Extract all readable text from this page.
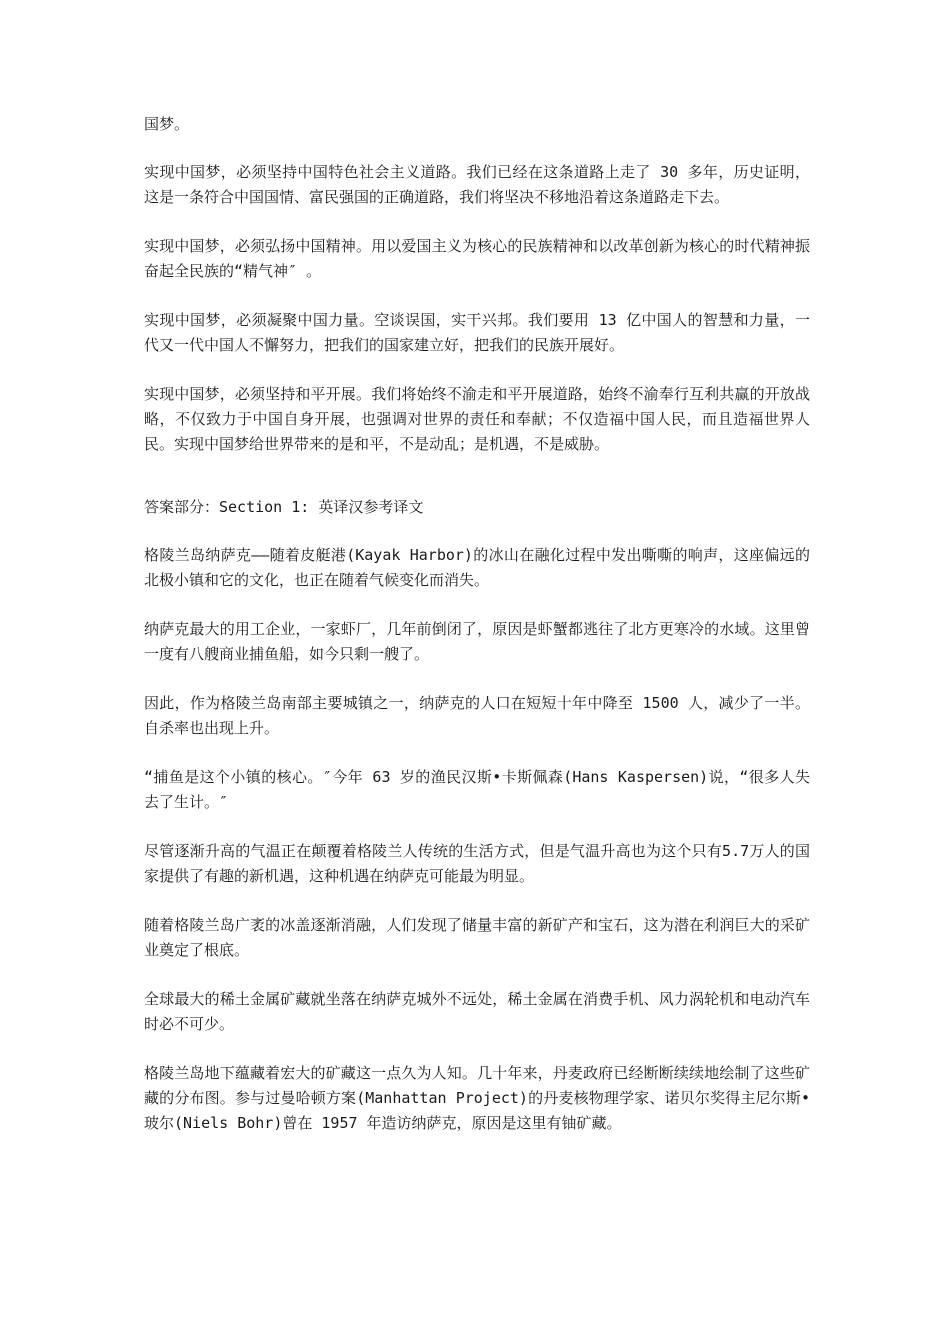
国梦。

实现中国梦，必须坚持中国特色社会主义道路。我们已经在这条道路上走了 30 多年，历史证明，这是一条符合中国国情、富民强国的正确道路，我们将坚决不移地沿着这条道路走下去。

实现中国梦，必须弘扬中国精神。用以爱国主义为核心的民族精神和以改革创新为核心的时代精神振奋起全民族的“精气神″ 。

实现中国梦，必须凝聚中国力量。空谈误国，实干兴邦。我们要用 13 亿中国人的智慧和力量，一代又一代中国人不懈努力，把我们的国家建立好，把我们的民族开展好。

实现中国梦，必须坚持和平开展。我们将始终不渝走和平开展道路，始终不渝奉行互利共赢的开放战略，不仅致力于中国自身开展，也强调对世界的责任和奉献；不仅造福中国人民，而且造福世界人民。实现中国梦给世界带来的是和平，不是动乱；是机遇，不是威胁。

答案部分：Section 1: 英译汉参考译文

格陵兰岛纳萨克——随着皮艇港(Kayak Harbor)的冰山在融化过程中发出嘶嘶的响声，这座偏远的北极小镇和它的文化，也正在随着气候变化而消失。

纳萨克最大的用工企业，一家虾厂，几年前倒闭了，原因是虾蟹都逃往了北方更寒冷的水域。这里曾一度有八艘商业捕鱼船，如今只剩一艘了。

因此，作为格陵兰岛南部主要城镇之一，纳萨克的人口在短短十年中降至 1500 人，减少了一半。自杀率也出现上升。

“捕鱼是这个小镇的核心。″今年 63 岁的渔民汉斯•卡斯佩森(Hans Kaspersen)说，“很多人失去了生计。″

尽管逐渐升高的气温正在颠覆着格陵兰人传统的生活方式，但是气温升高也为这个只有5.7万人的国家提供了有趣的新机遇，这种机遇在纳萨克可能最为明显。

随着格陵兰岛广袤的冰盖逐渐消融，人们发现了储量丰富的新矿产和宝石，这为潜在利润巨大的采矿业奠定了根底。

全球最大的稀土金属矿藏就坐落在纳萨克城外不远处，稀土金属在消费手机、风力涡轮机和电动汽车时必不可少。

格陵兰岛地下蕴藏着宏大的矿藏这一点久为人知。几十年来，丹麦政府已经断断续续地绘制了这些矿藏的分布图。参与过曼哈顿方案(Manhattan Project)的丹麦核物理学家、诺贝尔奖得主尼尔斯•玻尔(Niels Bohr)曾在 1957 年造访纳萨克，原因是这里有铀矿藏。
